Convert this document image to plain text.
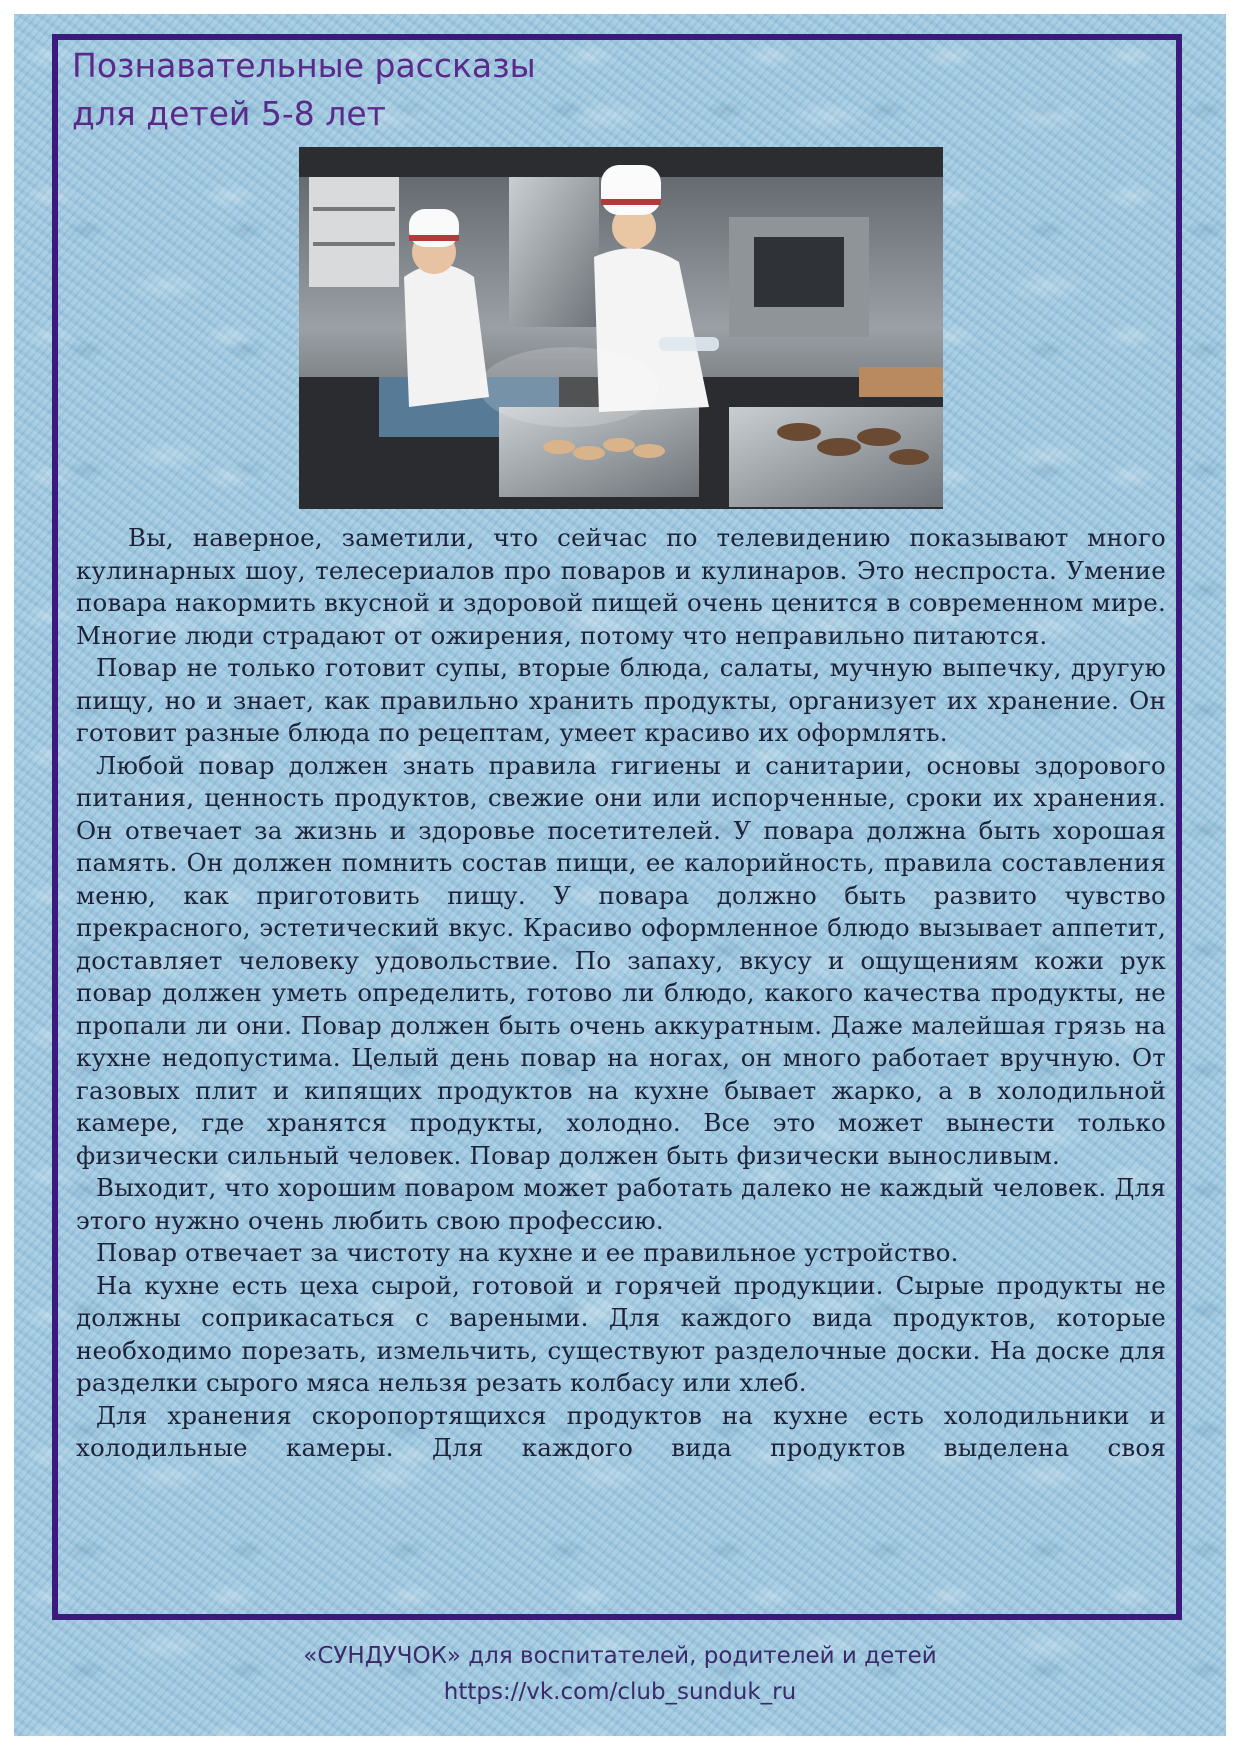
Познавательные рассказы
для детей 5-8 лет

Вы, наверное, заметили, что сейчас по телевидению показывают много кулинарных шоу, телесериалов про поваров и кулинаров. Это неспроста. Умение повара накормить вкусной и здоровой пищей очень ценится в современном мире. Многие люди страдают от ожирения, потому что неправильно питаются.

Повар не только готовит супы, вторые блюда, салаты, мучную выпечку, другую пищу, но и знает, как правильно хранить продукты, организует их хранение. Он готовит разные блюда по рецептам, умеет красиво их оформлять.

Любой повар должен знать правила гигиены и санитарии, основы здорового питания, ценность продуктов, свежие они или испорченные, сроки их хранения. Он отвечает за жизнь и здоровье посетителей. У повара должна быть хорошая память. Он должен помнить состав пищи, ее калорийность, правила составления меню, как приготовить пищу. У повара должно быть развито чувство прекрасного, эстетический вкус. Красиво оформленное блюдо вызывает аппетит, доставляет человеку удовольствие. По запаху, вкусу и ощущениям кожи рук повар должен уметь определить, готово ли блюдо, какого качества продукты, не пропали ли они. Повар должен быть очень аккуратным. Даже малейшая грязь на кухне недопустима. Целый день повар на ногах, он много работает вручную. От газовых плит и кипящих продуктов на кухне бывает жарко, а в холодильной камере, где хранятся продукты, холодно. Все это может вынести только физически сильный человек. Повар должен быть физически выносливым.

Выходит, что хорошим поваром может работать далеко не каждый человек. Для этого нужно очень любить свою профессию.

Повар отвечает за чистоту на кухне и ее правильное устройство.

На кухне есть цеха сырой, готовой и горячей продукции. Сырые продукты не должны соприкасаться с вареными. Для каждого вида продуктов, которые необходимо порезать, измельчить, существуют разделочные доски. На доске для разделки сырого мяса нельзя резать колбасу или хлеб.

Для хранения скоропортящихся продуктов на кухне есть холодильники и холодильные камеры. Для каждого вида продуктов выделена своя

«СУНДУЧОК» для воспитателей, родителей и детей

https://vk.com/club_sunduk_ru
